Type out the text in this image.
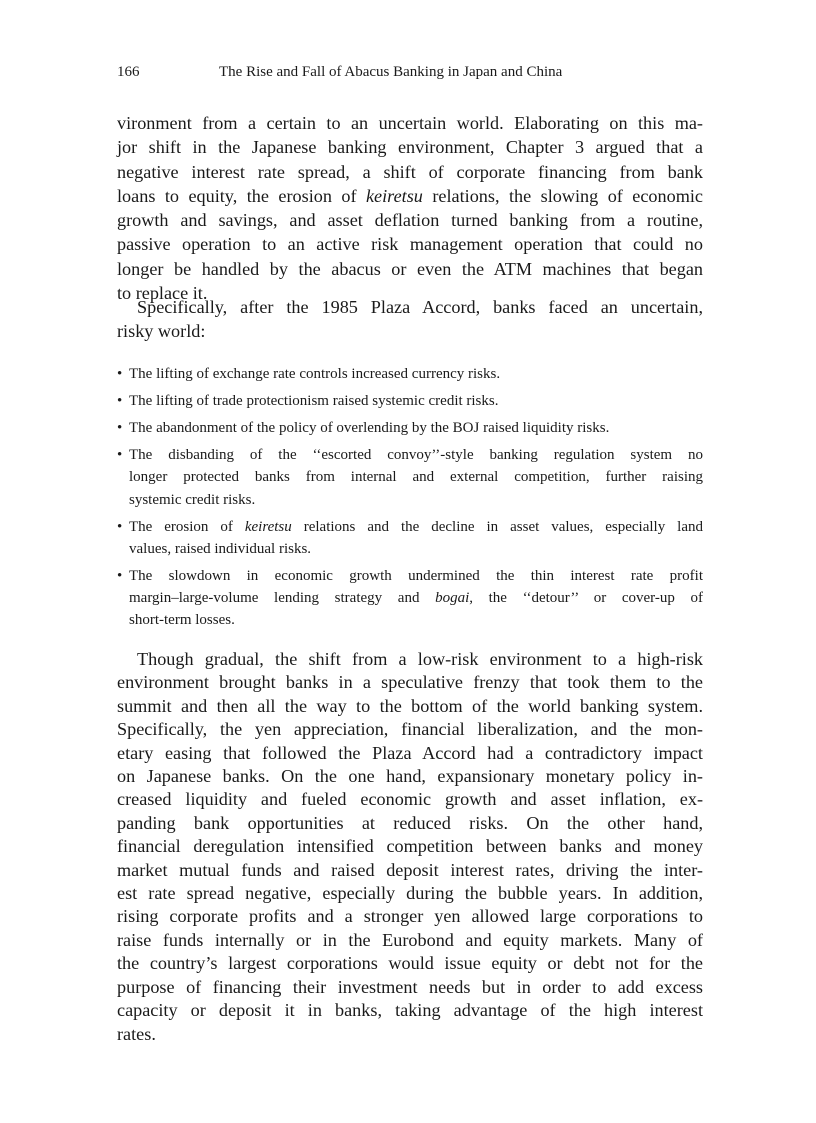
166	The Rise and Fall of Abacus Banking in Japan and China
vironment from a certain to an uncertain world. Elaborating on this ma-
jor shift in the Japanese banking environment, Chapter 3 argued that a
negative interest rate spread, a shift of corporate financing from bank
loans to equity, the erosion of keiretsu relations, the slowing of economic
growth and savings, and asset deflation turned banking from a routine,
passive operation to an active risk management operation that could no
longer be handled by the abacus or even the ATM machines that began
to replace it.
Specifically, after the 1985 Plaza Accord, banks faced an uncertain,
risky world:
• The lifting of exchange rate controls increased currency risks.
• The lifting of trade protectionism raised systemic credit risks.
• The abandonment of the policy of overlending by the BOJ raised liquidity risks.
• The disbanding of the ‘‘escorted convoy’’-style banking regulation system no
longer protected banks from internal and external competition, further raising
systemic credit risks.
• The erosion of keiretsu relations and the decline in asset values, especially land
values, raised individual risks.
• The slowdown in economic growth undermined the thin interest rate profit
margin–large-volume lending strategy and bogai, the ‘‘detour’’ or cover-up of
short-term losses.
Though gradual, the shift from a low-risk environment to a high-risk
environment brought banks in a speculative frenzy that took them to the
summit and then all the way to the bottom of the world banking system.
Specifically, the yen appreciation, financial liberalization, and the mon-
etary easing that followed the Plaza Accord had a contradictory impact
on Japanese banks. On the one hand, expansionary monetary policy in-
creased liquidity and fueled economic growth and asset inflation, ex-
panding bank opportunities at reduced risks. On the other hand,
financial deregulation intensified competition between banks and money
market mutual funds and raised deposit interest rates, driving the inter-
est rate spread negative, especially during the bubble years. In addition,
rising corporate profits and a stronger yen allowed large corporations to
raise funds internally or in the Eurobond and equity markets. Many of
the country’s largest corporations would issue equity or debt not for the
purpose of financing their investment needs but in order to add excess
capacity or deposit it in banks, taking advantage of the high interest
rates.
